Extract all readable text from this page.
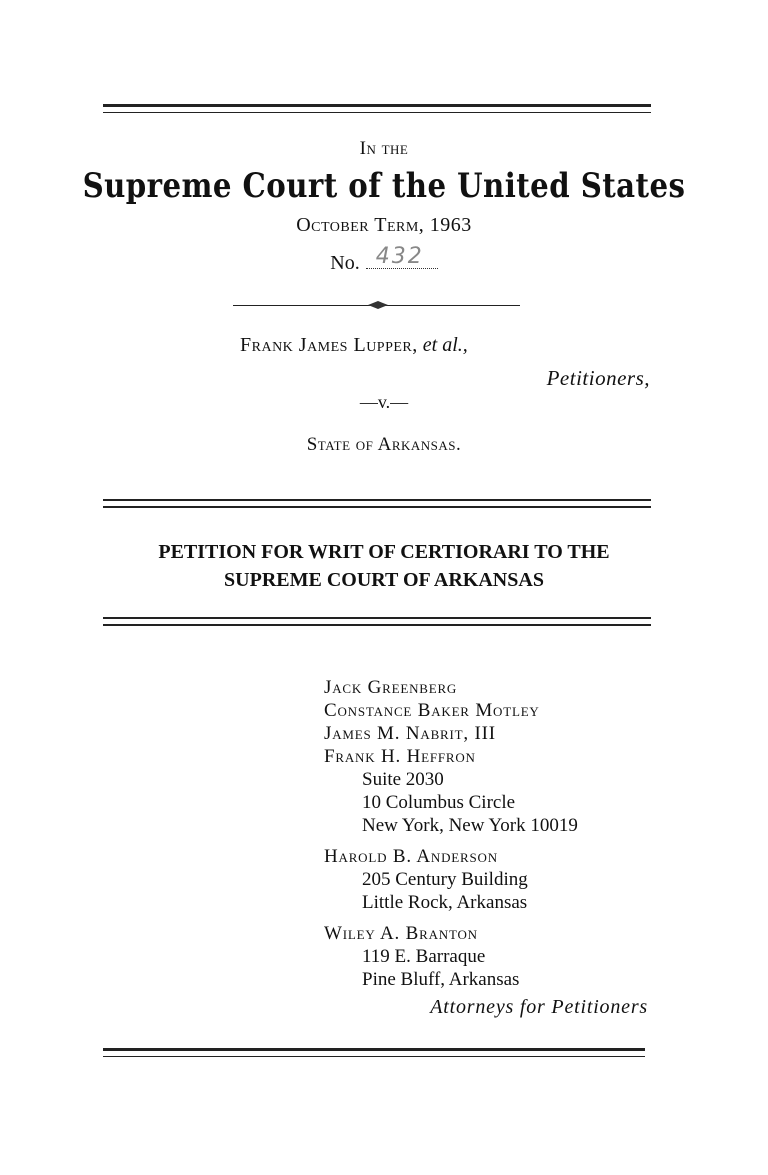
In the
Supreme Court of the United States
October Term, 1963
No. 432
Frank James Lupper, et al.,
Petitioners,
—v.—
State of Arkansas.
PETITION FOR WRIT OF CERTIORARI TO THE
SUPREME COURT OF ARKANSAS
Jack Greenberg
Constance Baker Motley
James M. Nabrit, III
Frank H. Heffron
Suite 2030
10 Columbus Circle
New York, New York 10019
Harold B. Anderson
205 Century Building
Little Rock, Arkansas
Wiley A. Branton
119 E. Barraque
Pine Bluff, Arkansas
Attorneys for Petitioners
